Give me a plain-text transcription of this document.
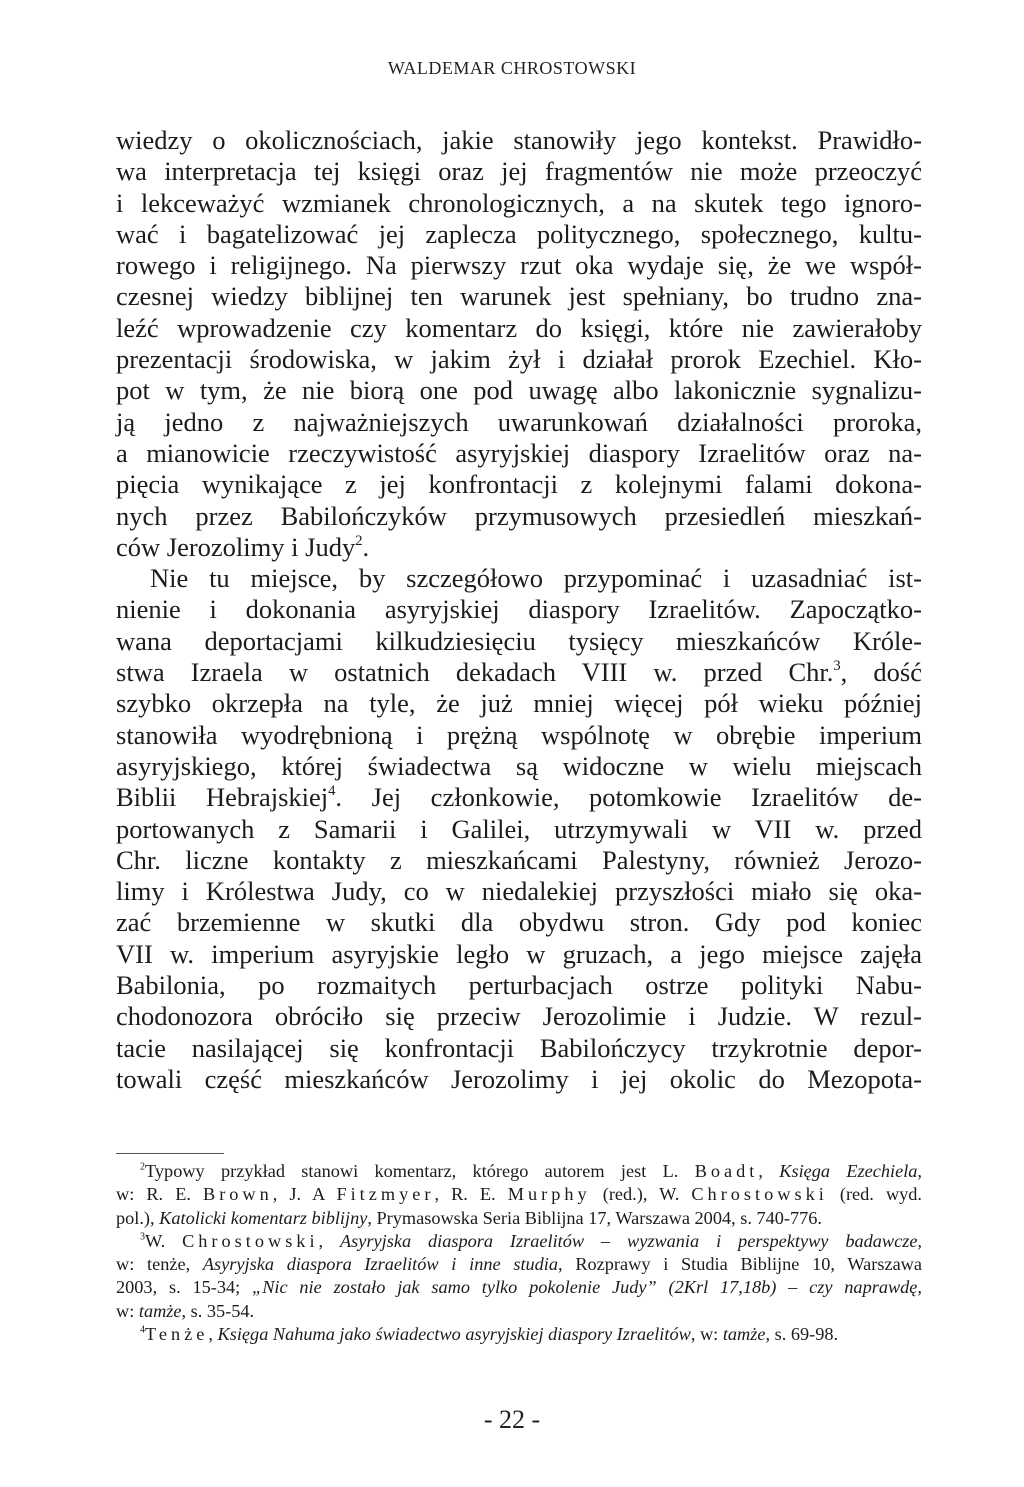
WALDEMAR CHROSTOWSKI
wiedzy o okolicznościach, jakie stanowiły jego kontekst. Prawidło-
wa interpretacja tej księgi oraz jej fragmentów nie może przeoczyć
i lekceważyć wzmianek chronologicznych, a na skutek tego ignoro-
wać i bagatelizować jej zaplecza politycznego, społecznego, kultu-
rowego i religijnego. Na pierwszy rzut oka wydaje się, że we współ-
czesnej wiedzy biblijnej ten warunek jest spełniany, bo trudno zna-
leźć wprowadzenie czy komentarz do księgi, które nie zawierałoby
prezentacji środowiska, w jakim żył i działał prorok Ezechiel. Kło-
pot w tym, że nie biorą one pod uwagę albo lakonicznie sygnalizu-
ją jedno z najważniejszych uwarunkowań działalności proroka,
a mianowicie rzeczywistość asyryjskiej diaspory Izraelitów oraz na-
pięcia wynikające z jej konfrontacji z kolejnymi falami dokona-
nych przez Babilończyków przymusowych przesiedleń mieszkań-
ców Jerozolimy i Judy$^2$.
Nie tu miejsce, by szczegółowo przypominać i uzasadniać ist-
nienie i dokonania asyryjskiej diaspory Izraelitów. Zapoczątko-
wana deportacjami kilkudziesięciu tysięcy mieszkańców Króle-
stwa Izraela w ostatnich dekadach VIII w. przed Chr.$^3$, dość
szybko okrzepła na tyle, że już mniej więcej pół wieku później
stanowiła wyodrębnioną i prężną wspólnotę w obrębie imperium
asyryjskiego, której świadectwa są widoczne w wielu miejscach
Biblii Hebrajskiej$^4$. Jej członkowie, potomkowie Izraelitów de-
portowanych z Samarii i Galilei, utrzymywali w VII w. przed
Chr. liczne kontakty z mieszkańcami Palestyny, również Jerozo-
limy i Królestwa Judy, co w niedalekiej przyszłości miało się oka-
zać brzemienne w skutki dla obydwu stron. Gdy pod koniec
VII w. imperium asyryjskie legło w gruzach, a jego miejsce zajęła
Babilonia, po rozmaitych perturbacjach ostrze polityki Nabu-
chodonozora obróciło się przeciw Jerozolimie i Judzie. W rezul-
tacie nasilającej się konfrontacji Babilończycy trzykrotnie depor-
towali część mieszkańców Jerozolimy i jej okolic do Mezopota-
$^2$Typowy przykład stanowi komentarz, którego autorem jest L. Boadt, Księga Ezechiela,
w: R. E. Brown, J. A Fitzmyer, R. E. Murphy (red.), W. Chrostowski (red. wyd.
pol.), Katolicki komentarz biblijny, Prymasowska Seria Biblijna 17, Warszawa 2004, s. 740-776.
$^3$W. Chrostowski, Asyryjska diaspora Izraelitów – wyzwania i perspektywy badawcze,
w: tenże, Asyryjska diaspora Izraelitów i inne studia, Rozprawy i Studia Biblijne 10, Warszawa
2003, s. 15-34; „Nic nie zostało jak samo tylko pokolenie Judy” (2Krl 17,18b) – czy naprawdę,
w: tamże, s. 35-54.
$^4$Tenże, Księga Nahuma jako świadectwo asyryjskiej diaspory Izraelitów, w: tamże, s. 69-98.
- 22 -
